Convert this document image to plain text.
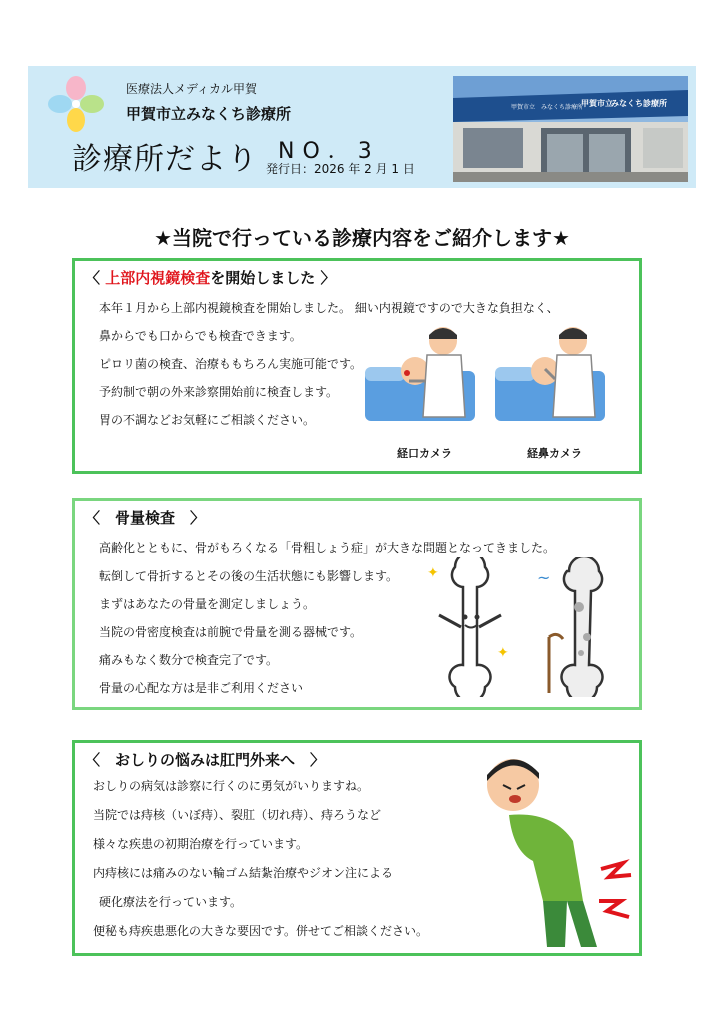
医療法人メディカル甲賀
甲賀市立みなくち診療所
診療所だより NO．3
発行日：2026 年 2 月 1 日
甲賀市立　みなくち診療所
甲賀市立
みなくち診療所
★当院で行っている診療内容をご紹介します★
〈 上部内視鏡検査を開始しました 〉
本年１月から上部内視鏡検査を開始しました。 細い内視鏡ですので大きな負担なく、
鼻からでも口からでも検査できます。
ピロリ菌の検査、治療ももちろん実施可能です。
予約制で朝の外来診察開始前に検査します。
胃の不調などお気軽にご相談ください。
経口カメラ	経鼻カメラ
〈　骨量検査　〉
高齢化とともに、骨がもろくなる「骨粗しょう症」が大きな問題となってきました。
転倒して骨折するとその後の生活状態にも影響します。
まずはあなたの骨量を測定しましょう。
当院の骨密度検査は前腕で骨量を測る器械です。
痛みもなく数分で検査完了です。
骨量の心配な方は是非ご利用ください
✦
✦
~
〈　おしりの悩みは肛門外来へ　〉
おしりの病気は診察に行くのに勇気がいりますね。
当院では痔核（いぼ痔）、裂肛（切れ痔）、痔ろうなど
様々な疾患の初期治療を行っています。
内痔核には痛みのない輪ゴム結紮治療やジオン注による
硬化療法を行っています。
便秘も痔疾患悪化の大きな要因です。併せてご相談ください。
